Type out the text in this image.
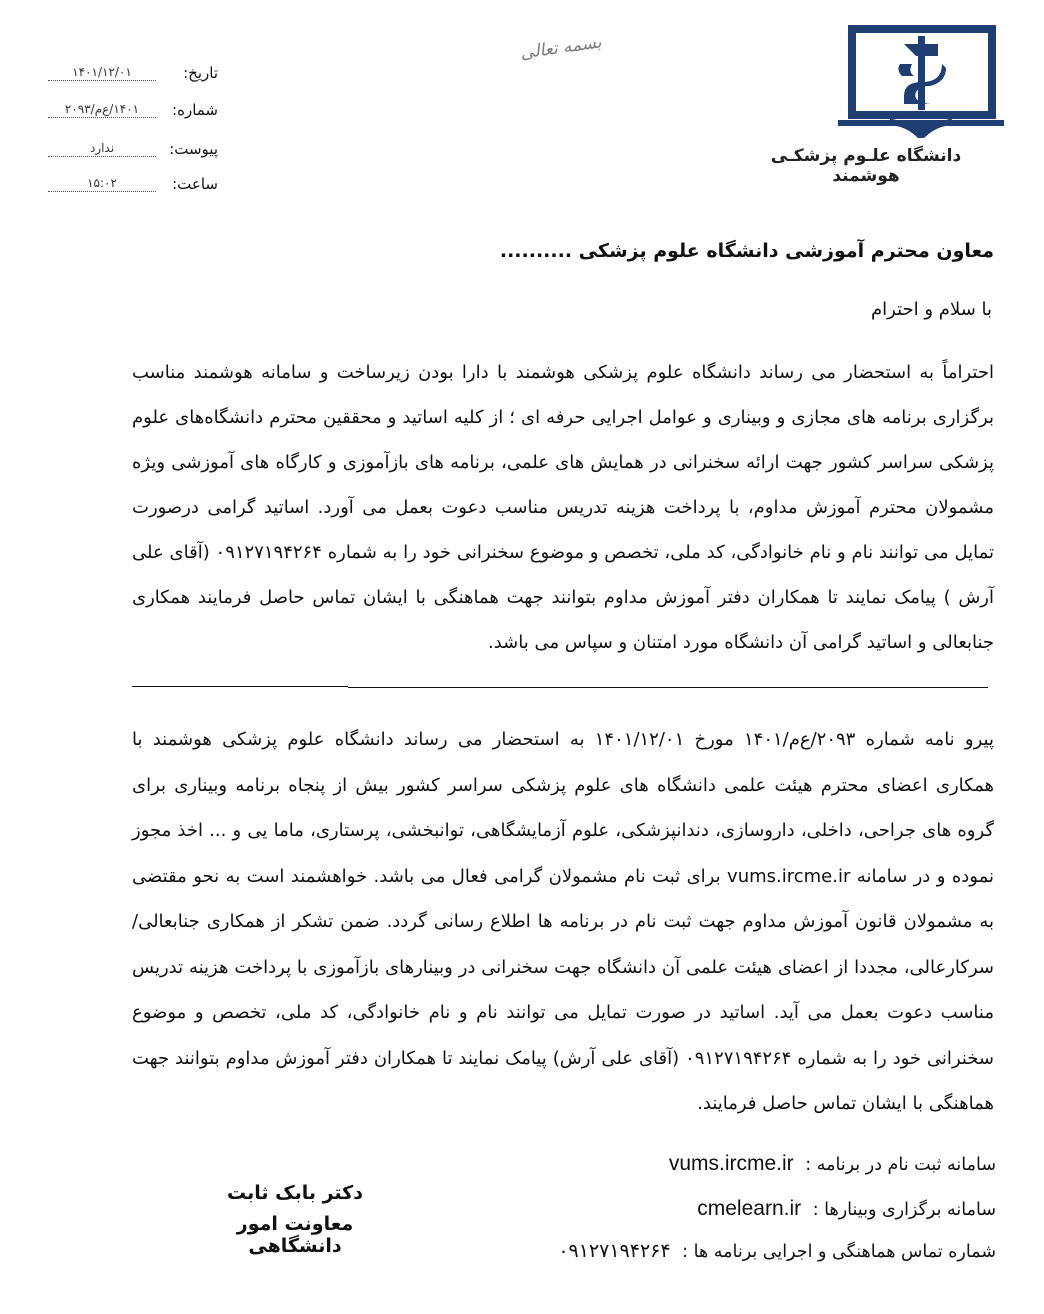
بسمه تعالی
دانشگاه علـوم پزشکـی هوشمند
تاریخ:
۱۴۰۱/۱۲/۰۱
شماره:
۱۴۰۱/ع‌م/۲۰۹۳
پیوست:
ندارد
ساعت:
۱۵:۰۲
معاون محترم آموزشی دانشگاه علوم پزشکی ..........
با سلام و احترام
احتراماً به استحضار می رساند دانشگاه علوم پزشکی هوشمند با دارا بودن زیرساخت و سامانه هوشمند مناسب برگزاری برنامه های مجازی و وبیناری و عوامل اجرایی حرفه ای ؛ از کلیه اساتید و محققین محترم دانشگاه‌های علوم پزشکی سراسر کشور جهت ارائه سخنرانی در همایش های علمی، برنامه های بازآموزی و کارگاه های آموزشی ویژه مشمولان محترم آموزش مداوم، با پرداخت هزینه تدریس مناسب دعوت بعمل می آورد. اساتید گرامی درصورت تمایل می توانند نام و نام خانوادگی، کد ملی، تخصص و موضوع سخنرانی خود را به شماره ۰۹۱۲۷۱۹۴۲۶۴ (آقای علی آرش ) پیامک نمایند تا همکاران دفتر آموزش مداوم بتوانند جهت هماهنگی با ایشان تماس حاصل فرمایند همکاری جنابعالی و اساتید گرامی آن دانشگاه مورد امتنان و سپاس می باشد.
پیرو نامه شماره ۲۰۹۳/ع‌م/۱۴۰۱ مورخ ۱۴۰۱/۱۲/۰۱ به استحضار می رساند دانشگاه علوم پزشکی هوشمند با همکاری اعضای محترم هیئت علمی دانشگاه های علوم پزشکی سراسر کشور بیش از پنجاه برنامه وبیناری برای گروه های جراحی، داخلی، داروسازی، دندانپزشکی، علوم آزمایشگاهی، توانبخشی، پرستاری، ماما یی و ... اخذ مجوز نموده و در سامانه vums.ircme.ir برای ثبت نام مشمولان گرامی فعال می باشد. خواهشمند است به نحو مقتضی به مشمولان قانون آموزش مداوم جهت ثبت نام در برنامه ها اطلاع رسانی گردد. ضمن تشکر از همکاری جنابعالی/سرکارعالی، مجددا از اعضای هیئت علمی آن دانشگاه جهت سخنرانی در وبینارهای بازآموزی با پرداخت هزینه تدریس مناسب دعوت بعمل می آید. اساتید در صورت تمایل می توانند نام و نام خانوادگی، کد ملی، تخصص و موضوع سخنرانی خود را به شماره ۰۹۱۲۷۱۹۴۲۶۴ (آقای علی آرش) پیامک نمایند تا همکاران دفتر آموزش مداوم بتوانند جهت هماهنگی با ایشان تماس حاصل فرمایند.
سامانه ثبت نام در برنامه : vums.ircme.ir
سامانه برگزاری وبینارها : cmelearn.ir
شماره تماس هماهنگی و اجرایی برنامه ها : ۰۹۱۲۷۱۹۴۲۶۴
دکتر بابک ثابت
معاونت امور دانشگاهی
